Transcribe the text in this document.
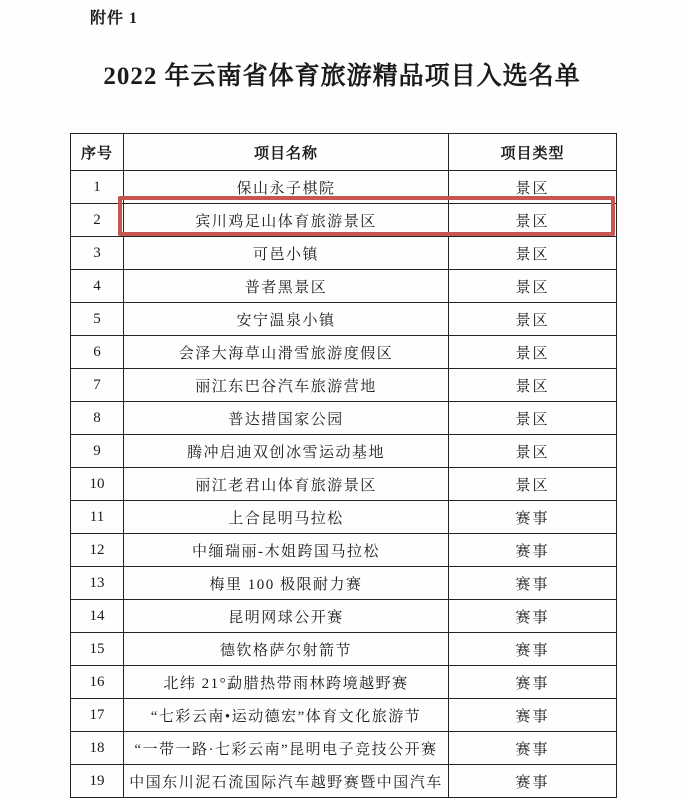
附件 1
2022 年云南省体育旅游精品项目入选名单
序号	项目名称	项目类型
1	保山永子棋院	景区
2	宾川鸡足山体育旅游景区	景区
3	可邑小镇	景区
4	普者黑景区	景区
5	安宁温泉小镇	景区
6	会泽大海草山滑雪旅游度假区	景区
7	丽江东巴谷汽车旅游营地	景区
8	普达措国家公园	景区
9	腾冲启迪双创冰雪运动基地	景区
10	丽江老君山体育旅游景区	景区
11	上合昆明马拉松	赛事
12	中缅瑞丽-木姐跨国马拉松	赛事
13	梅里 100 极限耐力赛	赛事
14	昆明网球公开赛	赛事
15	德钦格萨尔射箭节	赛事
16	北纬 21°勐腊热带雨林跨境越野赛	赛事
17	“七彩云南•运动德宏”体育文化旅游节	赛事
18	“一带一路·七彩云南”昆明电子竞技公开赛	赛事
19	中国东川泥石流国际汽车越野赛暨中国汽车	赛事
